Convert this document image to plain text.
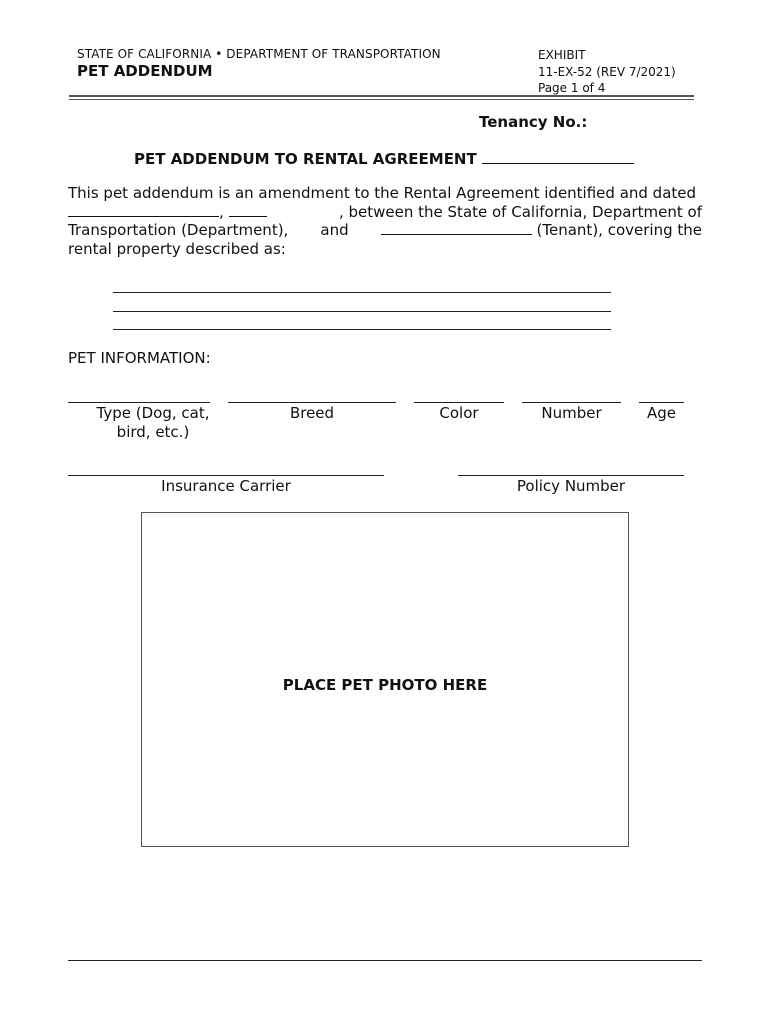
STATE OF CALIFORNIA • DEPARTMENT OF TRANSPORTATION
PET ADDENDUM
EXHIBIT
11-EX-52 (REV 7/2021)
Page 1 of 4
Tenancy No.:
PET ADDENDUM TO RENTAL AGREEMENT
This pet addendum is an amendment to the Rental Agreement identified and dated
,	, between the State of California, Department of
Transportation (Department), and	(Tenant), covering the
rental property described as:
PET INFORMATION:
Type (Dog, cat,
bird, etc.)
Breed	Color	Number	Age
Insurance Carrier	Policy Number
PLACE PET PHOTO HERE
